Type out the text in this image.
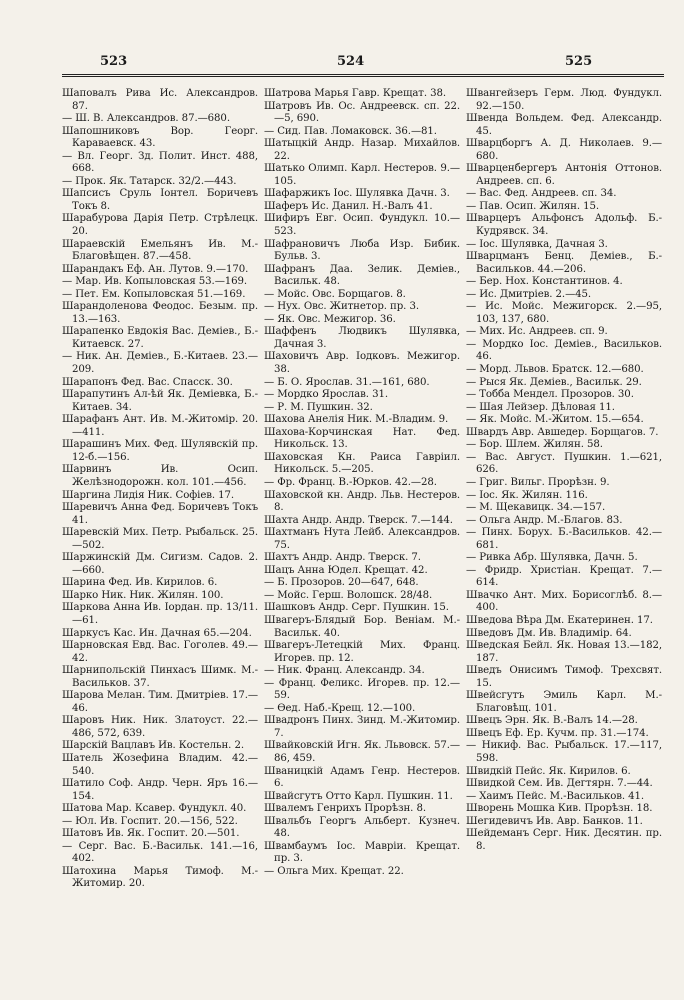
523	524	525
Шаповалъ Рива Ис. Александров. 87.
— Ш. В. Александров. 87.—680.
Шапошниковъ Вор. Георг. Караваевск. 43.
— Вл. Георг. Зд. Полит. Инст. 488, 668.
— Прок. Як. Татарск. 32/2.—443.
Шапсисъ Сруль Іонтел. Боричевъ Токъ 8.
Шарабурова Дарія Петр. Стрѣлецк. 20.
Шараевскій Емельянъ Ив. М.-Благовѣщен. 87.—458.
Шарандакъ Еф. Ан. Лутов. 9.—170.
— Мар. Ив. Копыловская 53.—169.
— Пет. Ем. Копыловская 51.—169.
Шарандоленова Феодос. Безым. пр. 13.—163.
Шарапенко Евдокія Вас. Деміев., Б.-Китаевск. 27.
— Ник. Ан. Деміев., Б.-Китаев. 23.—209.
Шарапонъ Фед. Вас. Спасск. 30.
Шарапутинъ Ал-ѣй Як. Деміевка, Б.-Китаев. 34.
Шарафанъ Ант. Ив. М.-Житомір. 20.—411.
Шарашинъ Мих. Фед. Шулявскій пр. 12-б.—156.
Шарвинъ Ив. Осип. Желѣзнодорожн. кол. 101.—456.
Шаргина Лидія Ник. Софіев. 17.
Шаревичъ Анна Фед. Боричевъ Токъ 41.
Шаревскій Мих. Петр. Рыбальск. 25.—502.
Шаржинскій Дм. Сигизм. Садов. 2.—660.
Шарина Фед. Ив. Кирилов. 6.
Шарко Ник. Ник. Жилян. 100.
Шаркова Анна Ив. Іордан. пр. 13/11.—61.
Шаркусъ Кас. Ин. Дачная 65.—204.
Шарновская Евд. Вас. Гоголев. 49.—42.
Шарнипольскій Пинхасъ Шимк. М.-Васильков. 37.
Шарова Мелан. Тим. Дмитріев. 17.—46.
Шаровъ Ник. Ник. Златоуст. 22.—486, 572, 639.
Шарскій Вацлавъ Ив. Костельн. 2.
Шатель Жозефина Владим. 42.—540.
Шатило Соф. Андр. Черн. Яръ 16.—154.
Шатова Мар. Ксавер. Фундукл. 40.
— Юл. Ив. Госпит. 20.—156, 522.
Шатовъ Ив. Як. Госпит. 20.—501.
— Серг. Вас. Б.-Васильк. 141.—16, 402.
Шатохина Марья Тимоф. М.-Житомир. 20.
Шатрова Марья Гавр. Крещат. 38.
Шатровъ Ив. Ос. Андреевск. сп. 22.—5, 690.
— Сид. Пав. Ломаковск. 36.—81.
Шатыцкій Андр. Назар. Михайлов. 22.
Шатько Олимп. Карл. Нестеров. 9.—105.
Шафаржикъ Іос. Шулявка Дачн. 3.
Шаферъ Ис. Данил. Н.-Валъ 41.
Шифиръ Евг. Осип. Фундукл. 10.—523.
Шафрановичъ Люба Изр. Бибик. Бульв. 3.
Шафранъ Даа. Зелик. Деміев., Васильк. 48.
— Мойс. Овс. Борщагов. 8.
— Нух. Овс. Житнетор. пр. 3.
— Як. Овс. Межигор. 36.
Шаффенъ Людвикъ Шулявка, Дачная 3.
Шаховичъ Авр. Іодковъ. Межигор. 38.
— Б. О. Ярослав. 31.—161, 680.
— Мордко Ярослав. 31.
— Р. М. Пушкин. 32.
Шахова Анелія Ник. М.-Владим. 9.
Шахова-Корчинская Нат. Фед. Никольск. 13.
Шаховская Кн. Раиса Гавріил. Никольск. 5.—205.
— Фр. Франц. В.-Юрков. 42.—28.
Шаховской кн. Андр. Льв. Нестеров. 8.
Шахта Андр. Андр. Тверск. 7.—144.
Шахтманъ Нута Лейб. Александров. 75.
Шахтъ Андр. Андр. Тверск. 7.
Шацъ Анна Юдел. Крещат. 42.
— Б. Прозоров. 20—647, 648.
— Мойс. Герш. Волошск. 28/48.
Шашковъ Андр. Серг. Пушкин. 15.
Швагеръ-Блядый Бор. Веніам. М.-Васильк. 40.
Швагеръ-Летецкій Мих. Франц. Игорев. пр. 12.
— Ник. Франц. Александр. 34.
— Франц. Феликс. Игорев. пр. 12.—59.
— Өед. Наб.-Крещ. 12.—100.
Швадронъ Пинх. Зинд. М.-Житомир. 7.
Швайковскій Игн. Як. Львовск. 57.—86, 459.
Шваницкій Адамъ Генр. Нестеров. 6.
Швайсгутъ Отто Карл. Пушкин. 11.
Швалемъ Генрихъ Прорѣзн. 8.
Швальбъ Георгъ Альберт. Кузнеч. 48.
Швамбаумъ Іос. Мавріи. Крещат. пр. 3.
— Ольга Мих. Крещат. 22.
Швангейзеръ Герм. Люд. Фундукл. 92.—150.
Швенда Вольдем. Фед. Александр. 45.
Шварцборгъ А. Д. Николаев. 9.—680.
Шварценбергеръ Антонія Оттонов. Андреев. сп. 6.
— Вас. Фед. Андреев. сп. 34.
— Пав. Осип. Жилян. 15.
Шварцеръ Альфонсъ Адольф. Б.-Кудрявск. 34.
— Іос. Шулявка, Дачная 3.
Шварцманъ Бенц. Деміев., Б.-Васильков. 44.—206.
— Бер. Нох. Константинов. 4.
— Ис. Дмитріев. 2.—45.
— Ис. Мойс. Межигорск. 2.—95, 103, 137, 680.
— Мих. Ис. Андреев. сп. 9.
— Мордко Іос. Деміев., Васильков. 46.
— Морд. Львов. Братск. 12.—680.
— Рыся Як. Деміев., Васильк. 29.
— Тобба Мендел. Прозоров. 30.
— Шая Лейзер. Дѣловая 11.
— Як. Мойс. М.-Житом. 15.—654.
Швардъ Авр. Авшедер. Борщагов. 7.
— Бор. Шлем. Жилян. 58.
— Вас. Август. Пушкин. 1.—621, 626.
— Григ. Вильг. Прорѣзн. 9.
— Іос. Як. Жилян. 116.
— М. Щекавицк. 34.—157.
— Ольга Андр. М.-Благов. 83.
— Пинх. Борух. Б.-Васильков. 42.—681.
— Ривка Абр. Шулявка, Дачн. 5.
— Фридр. Христіан. Крещат. 7.—614.
Швачко Ант. Мих. Борисоглѣб. 8.—400.
Шведова Вѣра Дм. Екатеринен. 17.
Шведовъ Дм. Ив. Владимір. 64.
Шведская Бейл. Як. Новая 13.—182, 187.
Шведъ Онисимъ Тимоф. Трехсвят. 15.
Швейсгутъ Эмиль Карл. М.-Благовѣщ. 101.
Швецъ Эрн. Як. В.-Валъ 14.—28.
Швецъ Еф. Ер. Кучм. пр. 31.—174.
— Никиф. Вас. Рыбальск. 17.—117, 598.
Швидкій Пейс. Як. Кирилов. 6.
Швидкой Сем. Ив. Дегтярн. 7.—44.
— Хаимъ Пейс. М.-Васильков. 41.
Шворень Мошка Кив. Прорѣзн. 18.
Шегидевичъ Ив. Авр. Банков. 11.
Шейдеманъ Серг. Ник. Десятин. пр. 8.
